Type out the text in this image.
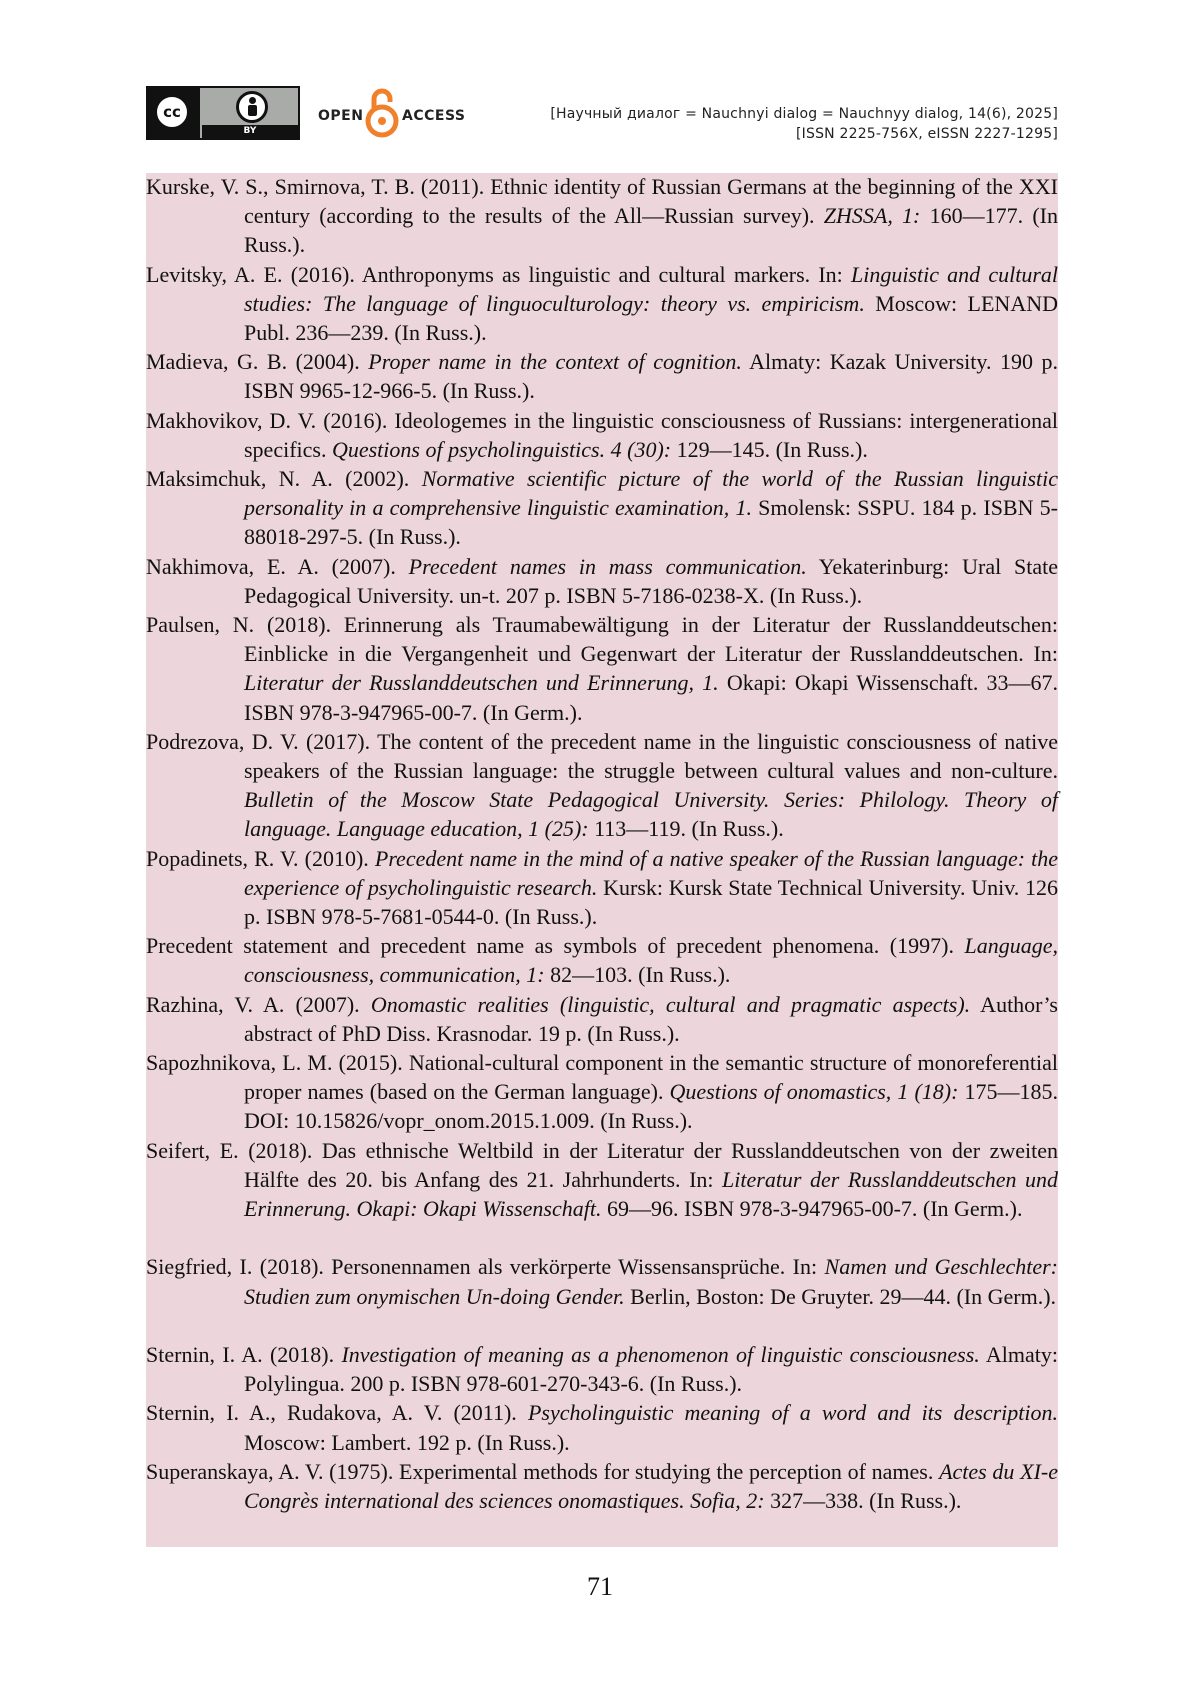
cc
BY
OPEN	ACCESS	[Научный диалог = Nauchnyi dialog = Nauchnyy dialog, 14(6), 2025]
[ISSN 2225-756X, eISSN 2227-1295]
Kurske, V. S., Smirnova, T. B. (2011). Ethnic identity of Russian Germans at the beginning of the XXI century (according to the results of the All—Russian survey). ZHSSA, 1: 160—177. (In Russ.).
Levitsky, A. E. (2016). Anthroponyms as linguistic and cultural markers. In: Linguistic and cultural studies: The language of linguoculturology: theory vs. empiricism. Moscow: LENAND Publ. 236—239. (In Russ.).
Madieva, G. B. (2004). Proper name in the context of cognition. Almaty: Kazak University. 190 p. ISBN 9965-12-966-5. (In Russ.).
Makhovikov, D. V. (2016). Ideologemes in the linguistic consciousness of Russians: intergenerational specifics. Questions of psycholinguistics. 4 (30): 129—145. (In Russ.).
Maksimchuk, N. A. (2002). Normative scientific picture of the world of the Russian linguistic personality in a comprehensive linguistic examination, 1. Smolensk: SSPU. 184 p. ISBN 5-88018-297-5. (In Russ.).
Nakhimova, E. A. (2007). Precedent names in mass communication. Yekaterinburg: Ural State Pedagogical University. un-t. 207 p. ISBN 5-7186-0238-X. (In Russ.).
Paulsen, N. (2018). Erinnerung als Traumabewältigung in der Literatur der Russlanddeutschen: Einblicke in die Vergangenheit und Gegenwart der Literatur der Russlanddeutschen. In: Literatur der Russlanddeutschen und Erinnerung, 1. Okapi: Okapi Wissenschaft. 33—67. ISBN 978-3-947965-00-7. (In Germ.).
Podrezova, D. V. (2017). The content of the precedent name in the linguistic consciousness of native speakers of the Russian language: the struggle between cultural values and non-culture. Bulletin of the Moscow State Pedagogical University. Series: Philology. Theory of language. Language education, 1 (25): 113—119. (In Russ.).
Popadinets, R. V. (2010). Precedent name in the mind of a native speaker of the Russian language: the experience of psycholinguistic research. Kursk: Kursk State Technical University. Univ. 126 p. ISBN 978-5-7681-0544-0. (In Russ.).
Precedent statement and precedent name as symbols of precedent phenomena. (1997). Language, consciousness, communication, 1: 82—103. (In Russ.).
Razhina, V. A. (2007). Onomastic realities (linguistic, cultural and pragmatic aspects). Author’s abstract of PhD Diss. Krasnodar. 19 p. (In Russ.).
Sapozhnikova, L. M. (2015). National-cultural component in the semantic structure of monoreferential proper names (based on the German language). Questions of onomastics, 1 (18): 175—185. DOI: 10.15826/vopr_onom.2015.1.009. (In Russ.).
Seifert, E. (2018). Das ethnische Weltbild in der Literatur der Russlanddeutschen von der zweiten Hälfte des 20. bis Anfang des 21. Jahrhunderts. In: Literatur der Russlanddeutschen und Erinnerung. Okapi: Okapi Wissenschaft. 69—96. ISBN 978-3-947965-00-7. (In Germ.).
Siegfried, I. (2018). Personennamen als verkörperte Wissensansprüche. In: Namen und Geschlechter: Studien zum onymischen Un-doing Gender. Berlin, Boston: De Gruyter. 29—44. (In Germ.).
Sternin, I. A. (2018). Investigation of meaning as a phenomenon of linguistic consciousness. Almaty: Polylingua. 200 p. ISBN 978-601-270-343-6. (In Russ.).
Sternin, I. A., Rudakova, A. V. (2011). Psycholinguistic meaning of a word and its description. Moscow: Lambert. 192 p. (In Russ.).
Superanskaya, A. V. (1975). Experimental methods for studying the perception of names. Actes du XI-e Congrès international des sciences onomastiques. Sofia, 2: 327—338. (In Russ.).
71
